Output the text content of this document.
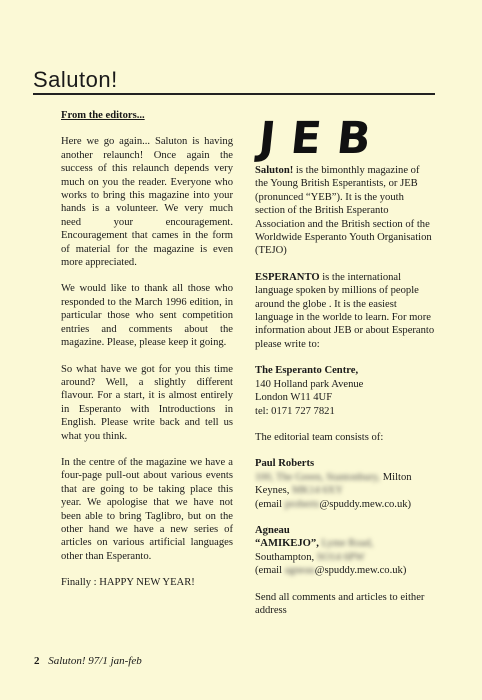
Saluton!

From the editors...

Here we go again... Saluton is having another relaunch! Once again the success of this relaunch depends very much on you the reader. Everyone who works to bring this magazine into your hands is a volunteer. We very much need your encouragement. Encouragement that cames in the form of material for the magazine is even more appreciated.

We would like to thank all those who responded to the March 1996 edition, in particular those who sent competition entries and comments about the magazine. Please, please keep it going.

So what have we got for you this time around? Well, a slightly different flavour. For a start, it is almost entirely in Esperanto with Introductions in English. Please write back and tell us what you think.

In the centre of the magazine we have a four-page pull-out about various events that are going to be taking place this year. We apologise that we have not been able to bring Taglibro, but on the other hand we have a new series of articles on various artificial languages other than Esperanto.

Finally : HAPPY NEW YEAR!

J E B

Saluton! is the bimonthly magazine of the Young British Esperantists, or JEB (pronunced “YEB”). It is the youth section of the British Esperanto Association and the British section of the Worldwide Esperanto Youth Organisation (TEJO)

ESPERANTO is the international language spoken by millions of people around the globe . It is the easiest language in the worlde to learn. For more information about JEB or about Esperanto please write to:

The Esperanto Centre,
140 Holland park Avenue
London W11 4UF
tel: 0171 727 7821

The editorial team consists of:

Paul Roberts
100, The Green, Stantonbury, Milton Keynes, MK14 6XY
(email proberts@spuddy.mew.co.uk)

Agneau
“AMIKEJO”, Lyme Road,
Southampton, SO14 6PW
(email agneau@spuddy.mew.co.uk)

Send all comments and articles to either address

2 Saluton! 97/1 jan-feb
